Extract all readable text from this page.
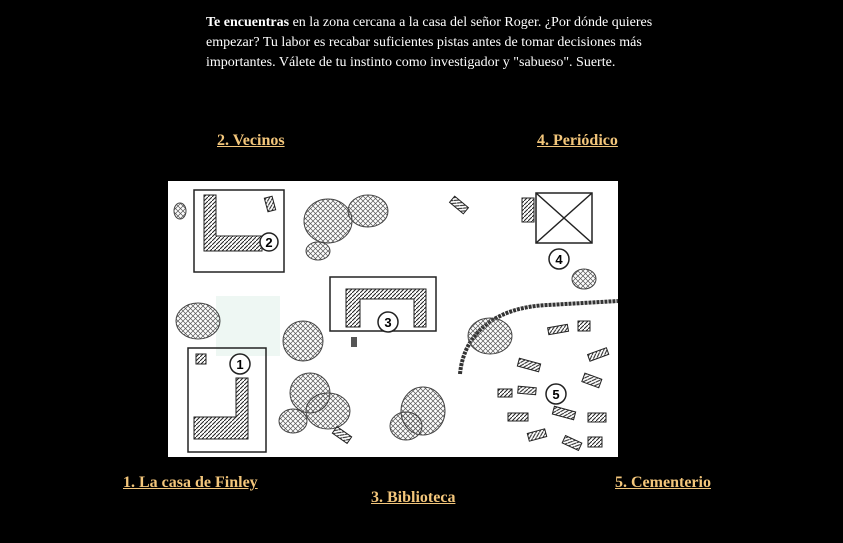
Te encuentras en la zona cercana a la casa del señor Roger. ¿Por dónde quieres empezar? Tu labor es recabar suficientes pistas antes de tomar decisiones más importantes. Válete de tu instinto como investigador y "sabueso". Suerte.

2. Vecinos	4. Periódico
2
1
3
4
5
1. La casa de Finley
3. Biblioteca
5. Cementerio
